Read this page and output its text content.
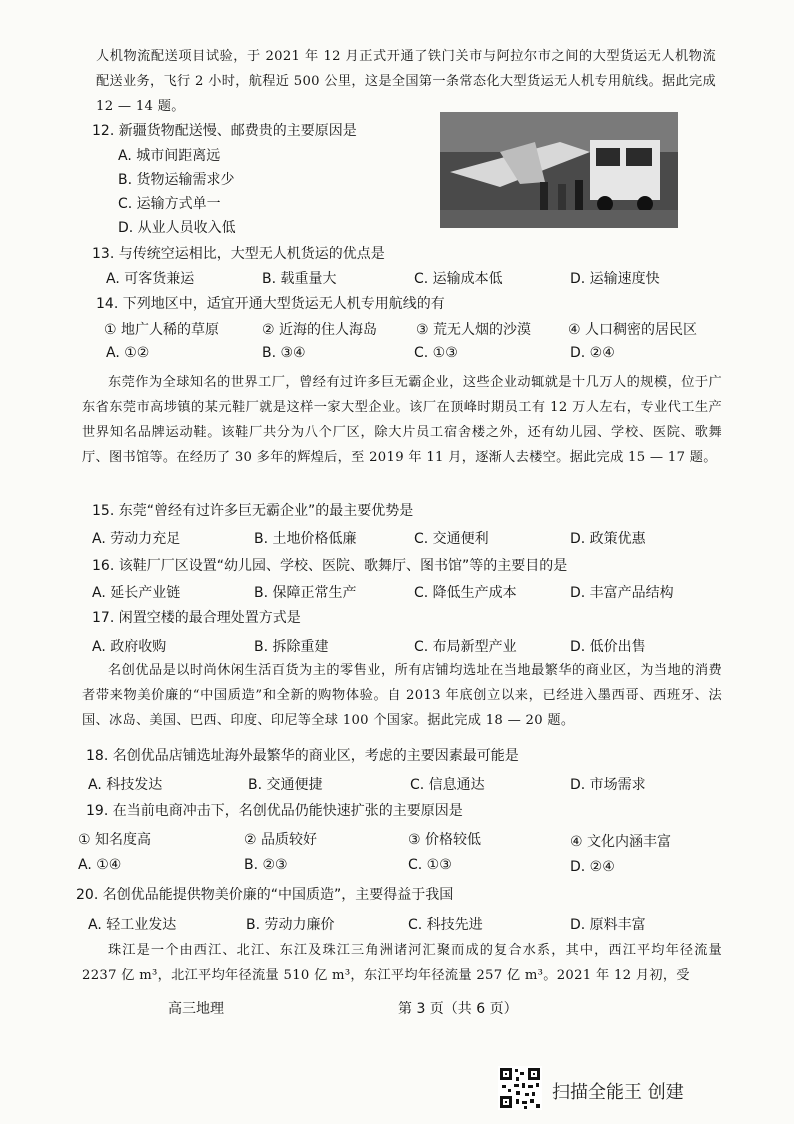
人机物流配送项目试验，于 2021 年 12 月正式开通了铁门关市与阿拉尔市之间的大型货运无人机物流配送业务，飞行 2 小时，航程近 500 公里，这是全国第一条常态化大型货运无人机专用航线。据此完成 12 — 14 题。
12. 新疆货物配送慢、邮费贵的主要原因是
A. 城市间距离远
B. 货物运输需求少
C. 运输方式单一
D. 从业人员收入低
13. 与传统空运相比，大型无人机货运的优点是
A. 可客货兼运	B. 载重量大	C. 运输成本低	D. 运输速度快
14. 下列地区中，适宜开通大型货运无人机专用航线的有
① 地广人稀的草原	② 近海的住人海岛	③ 荒无人烟的沙漠	④ 人口稠密的居民区
A. ①②	B. ③④	C. ①③	D. ②④
东莞作为全球知名的世界工厂，曾经有过许多巨无霸企业，这些企业动辄就是十几万人的规模，位于广东省东莞市高埗镇的某元鞋厂就是这样一家大型企业。该厂在顶峰时期员工有 12 万人左右，专业代工生产世界知名品牌运动鞋。该鞋厂共分为八个厂区，除大片员工宿舍楼之外，还有幼儿园、学校、医院、歌舞厅、图书馆等。在经历了 30 多年的辉煌后，至 2019 年 11 月，逐渐人去楼空。据此完成 15 — 17 题。
15. 东莞“曾经有过许多巨无霸企业”的最主要优势是
A. 劳动力充足	B. 土地价格低廉	C. 交通便利	D. 政策优惠
16. 该鞋厂厂区设置“幼儿园、学校、医院、歌舞厅、图书馆”等的主要目的是
A. 延长产业链	B. 保障正常生产	C. 降低生产成本	D. 丰富产品结构
17. 闲置空楼的最合理处置方式是
A. 政府收购	B. 拆除重建	C. 布局新型产业	D. 低价出售
名创优品是以时尚休闲生活百货为主的零售业，所有店铺均选址在当地最繁华的商业区，为当地的消费者带来物美价廉的“中国质造”和全新的购物体验。自 2013 年底创立以来，已经进入墨西哥、西班牙、法国、冰岛、美国、巴西、印度、印尼等全球 100 个国家。据此完成 18 — 20 题。
18. 名创优品店铺选址海外最繁华的商业区，考虑的主要因素最可能是
A. 科技发达	B. 交通便捷	C. 信息通达	D. 市场需求
19. 在当前电商冲击下，名创优品仍能快速扩张的主要原因是
① 知名度高	② 品质较好	③ 价格较低	④ 文化内涵丰富
A. ①④	B. ②③	C. ①③	D. ②④
20. 名创优品能提供物美价廉的“中国质造”，主要得益于我国
A. 轻工业发达	B. 劳动力廉价	C. 科技先进	D. 原料丰富
珠江是一个由西江、北江、东江及珠江三角洲诸河汇聚而成的复合水系，其中，西江平均年径流量 2237 亿 m³，北江平均年径流量 510 亿 m³，东江平均年径流量 257 亿 m³。2021 年 12 月初，受
高三地理	第 3 页（共 6 页）
扫描全能王 创建
